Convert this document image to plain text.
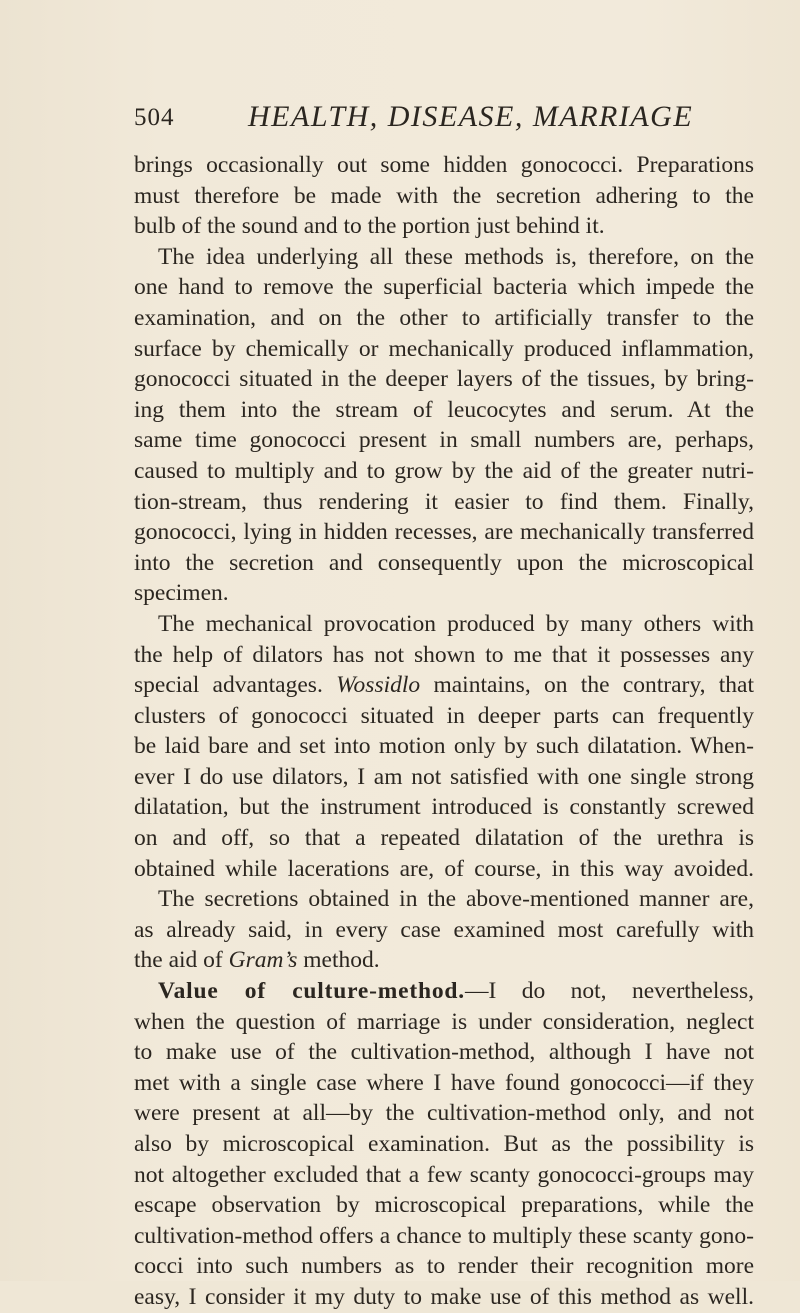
504 HEALTH, DISEASE, MARRIAGE
brings occasionally out some hidden gonococci. Preparations
must therefore be made with the secretion adhering to the
bulb of the sound and to the portion just behind it.
The idea underlying all these methods is, therefore, on the
one hand to remove the superficial bacteria which impede the
examination, and on the other to artificially transfer to the
surface by chemically or mechanically produced inflammation,
gonococci situated in the deeper layers of the tissues, by bring-
ing them into the stream of leucocytes and serum. At the
same time gonococci present in small numbers are, perhaps,
caused to multiply and to grow by the aid of the greater nutri-
tion-stream, thus rendering it easier to find them. Finally,
gonococci, lying in hidden recesses, are mechanically transferred
into the secretion and consequently upon the microscopical
specimen.
The mechanical provocation produced by many others with
the help of dilators has not shown to me that it possesses any
special advantages. Wossidlo maintains, on the contrary, that
clusters of gonococci situated in deeper parts can frequently
be laid bare and set into motion only by such dilatation. When-
ever I do use dilators, I am not satisfied with one single strong
dilatation, but the instrument introduced is constantly screwed
on and off, so that a repeated dilatation of the urethra is
obtained while lacerations are, of course, in this way avoided.
The secretions obtained in the above-mentioned manner are,
as already said, in every case examined most carefully with
the aid of Gram’s method.
Value of culture-method.—I do not, nevertheless,
when the question of marriage is under consideration, neglect
to make use of the cultivation-method, although I have not
met with a single case where I have found gonococci—if they
were present at all—by the cultivation-method only, and not
also by microscopical examination. But as the possibility is
not altogether excluded that a few scanty gonococci-groups may
escape observation by microscopical preparations, while the
cultivation-method offers a chance to multiply these scanty gono-
cocci into such numbers as to render their recognition more
easy, I consider it my duty to make use of this method as well.
